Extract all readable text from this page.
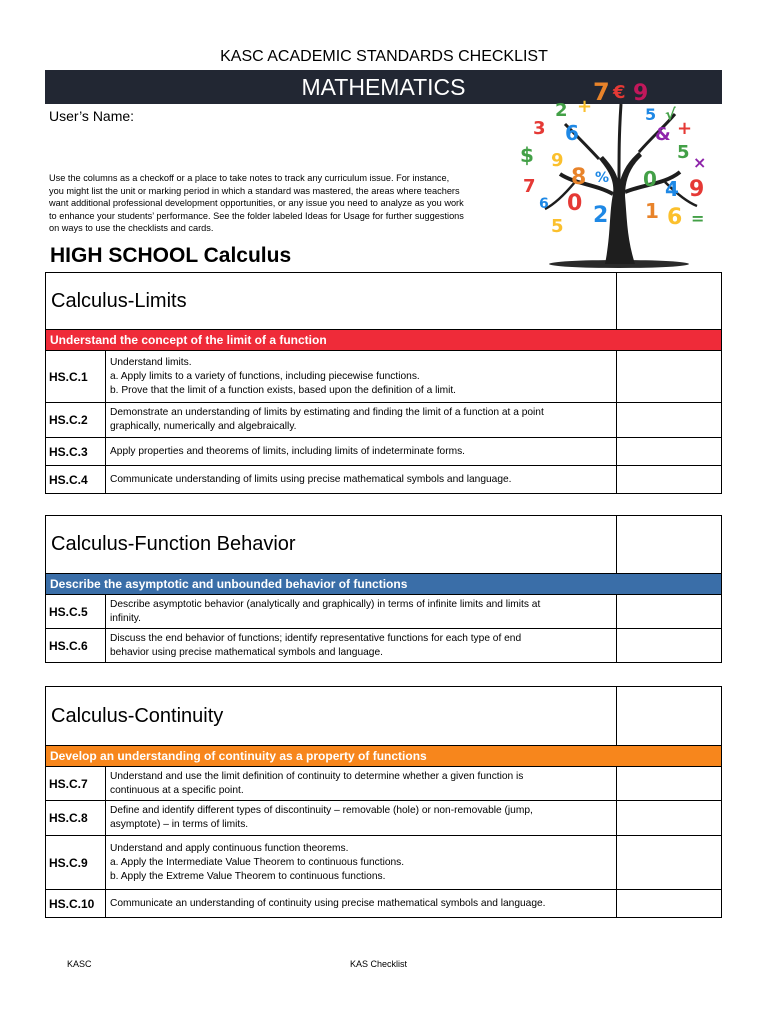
KASC ACADEMIC STANDARDS CHECKLIST
MATHEMATICS
User’s Name:
Use the columns as a checkoff or a place to take notes to track any curriculum issue. For instance,
you might list the unit or marking period in which a standard was mastered, the areas where teachers
want additional professional development opportunities, or any issue you need to analyze as you work
to enhance your students’ performance. See the folder labeled Ideas for Usage for further suggestions
on ways to use the checklists and cards.
HIGH SCHOOL Calculus
7 € 9
+
2	5 √
3 6	& +
$ 9
8 % 0
5 ×
4 9
7
6 0 2
5
1 6 =
Calculus-Limits
Understand the concept of the limit of a function
HS.C.1
Understand limits.
a. Apply limits to a variety of functions, including piecewise functions.
b. Prove that the limit of a function exists, based upon the definition of a limit.
HS.C.2
Demonstrate an understanding of limits by estimating and finding the limit of a function at a point
graphically, numerically and algebraically.
HS.C.3	Apply properties and theorems of limits, including limits of indeterminate forms.
HS.C.4	Communicate understanding of limits using precise mathematical symbols and language.
Calculus-Function Behavior
Describe the asymptotic and unbounded behavior of functions
HS.C.5
Describe asymptotic behavior (analytically and graphically) in terms of infinite limits and limits at
infinity.
HS.C.6
Discuss the end behavior of functions; identify representative functions for each type of end
behavior using precise mathematical symbols and language.
Calculus-Continuity
Develop an understanding of continuity as a property of functions
HS.C.7
Understand and use the limit definition of continuity to determine whether a given function is
continuous at a specific point.
HS.C.8
Define and identify different types of discontinuity – removable (hole) or non-removable (jump,
asymptote) – in terms of limits.
HS.C.9
Understand and apply continuous function theorems.
a. Apply the Intermediate Value Theorem to continuous functions.
b. Apply the Extreme Value Theorem to continuous functions.
HS.C.10	Communicate an understanding of continuity using precise mathematical symbols and language.
KASC	KAS Checklist
